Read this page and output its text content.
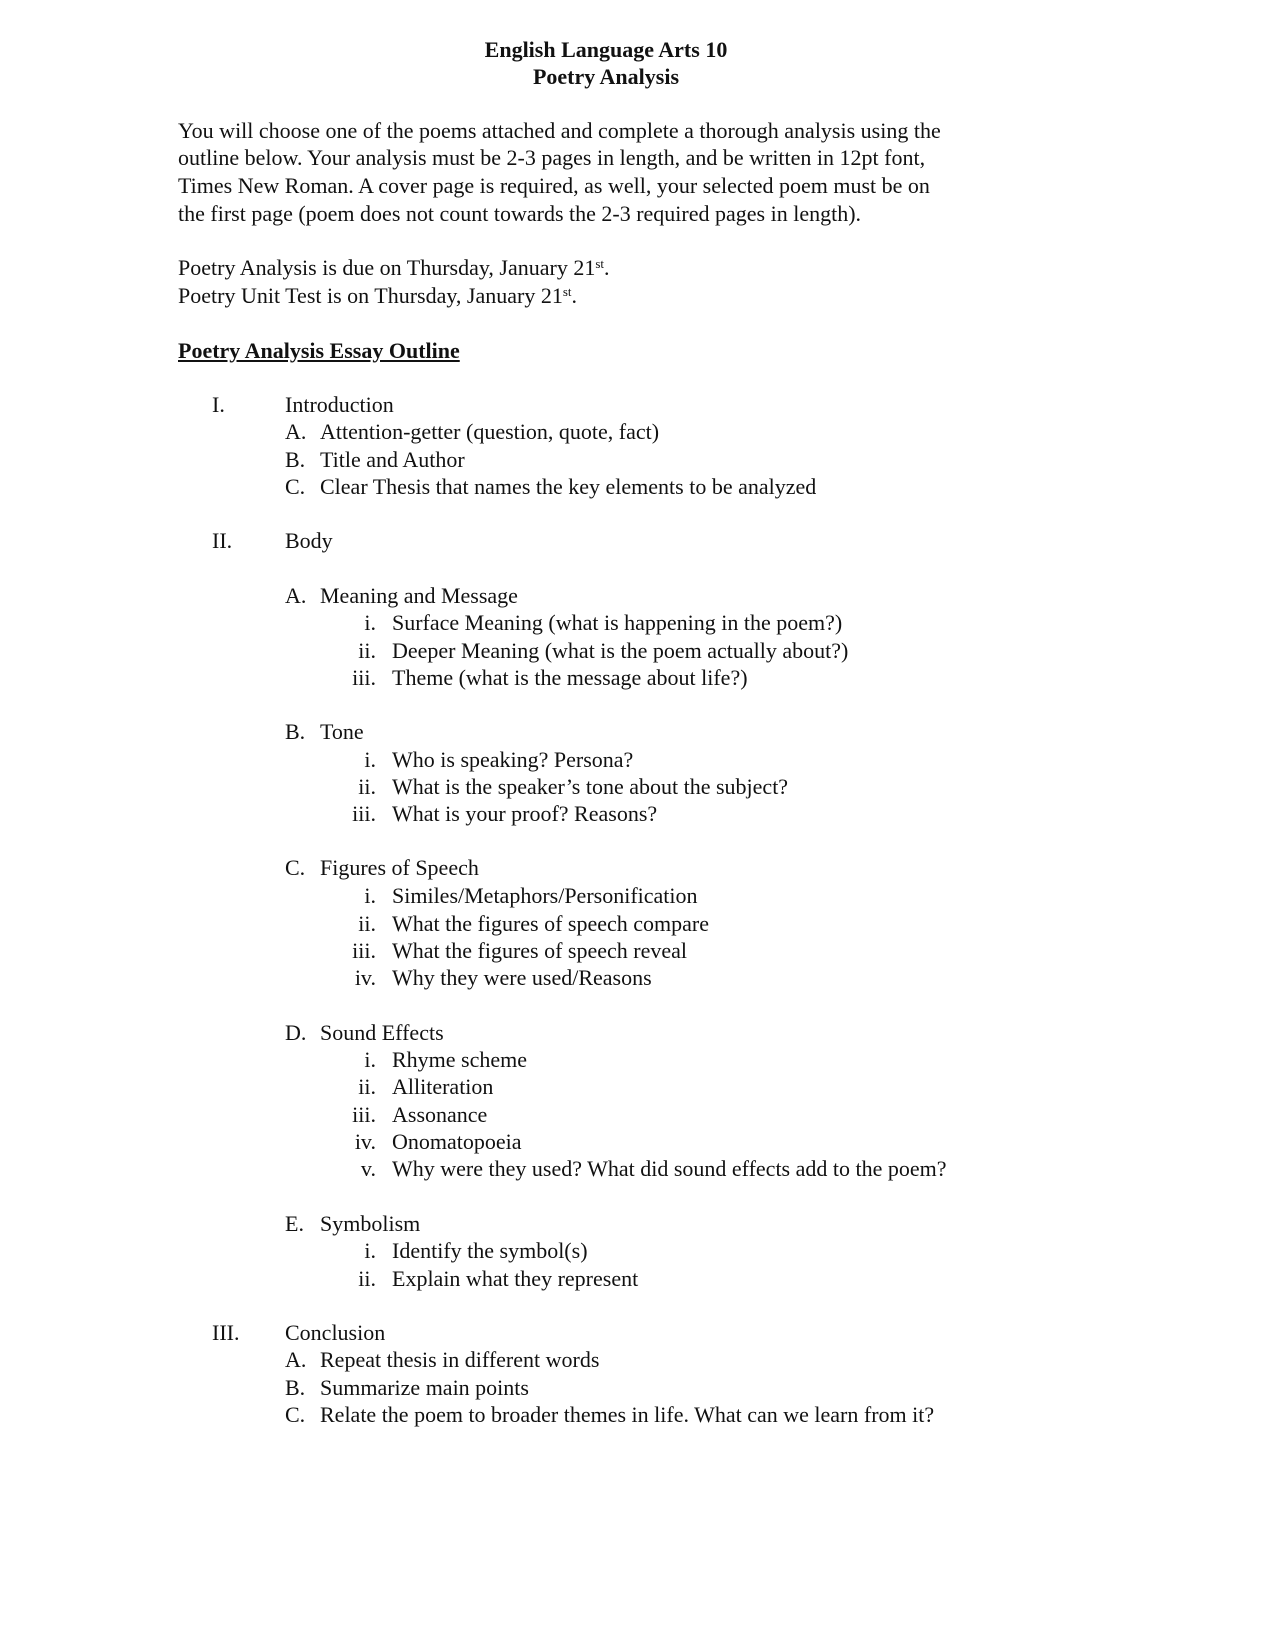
English Language Arts 10
Poetry Analysis
You will choose one of the poems attached and complete a thorough analysis using the
outline below. Your analysis must be 2-3 pages in length, and be written in 12pt font,
Times New Roman. A cover page is required, as well, your selected poem must be on
the first page (poem does not count towards the 2-3 required pages in length).
Poetry Analysis is due on Thursday, January 21st.
Poetry Unit Test is on Thursday, January 21st.
Poetry Analysis Essay Outline
I.	Introduction
A. Attention-getter (question, quote, fact)
B. Title and Author
C. Clear Thesis that names the key elements to be analyzed
II. Body
A. Meaning and Message
i. Surface Meaning (what is happening in the poem?)
ii. Deeper Meaning (what is the poem actually about?)
iii. Theme (what is the message about life?)
B. Tone
i. Who is speaking? Persona?
ii. What is the speaker’s tone about the subject?
iii. What is your proof? Reasons?
C. Figures of Speech
i. Similes/Metaphors/Personification
ii. What the figures of speech compare
iii. What the figures of speech reveal
iv. Why they were used/Reasons
D. Sound Effects
i. Rhyme scheme
ii. Alliteration
iii. Assonance
iv. Onomatopoeia
v. Why were they used? What did sound effects add to the poem?
E. Symbolism
i. Identify the symbol(s)
ii. Explain what they represent
III. Conclusion
A. Repeat thesis in different words
B. Summarize main points
C. Relate the poem to broader themes in life. What can we learn from it?
